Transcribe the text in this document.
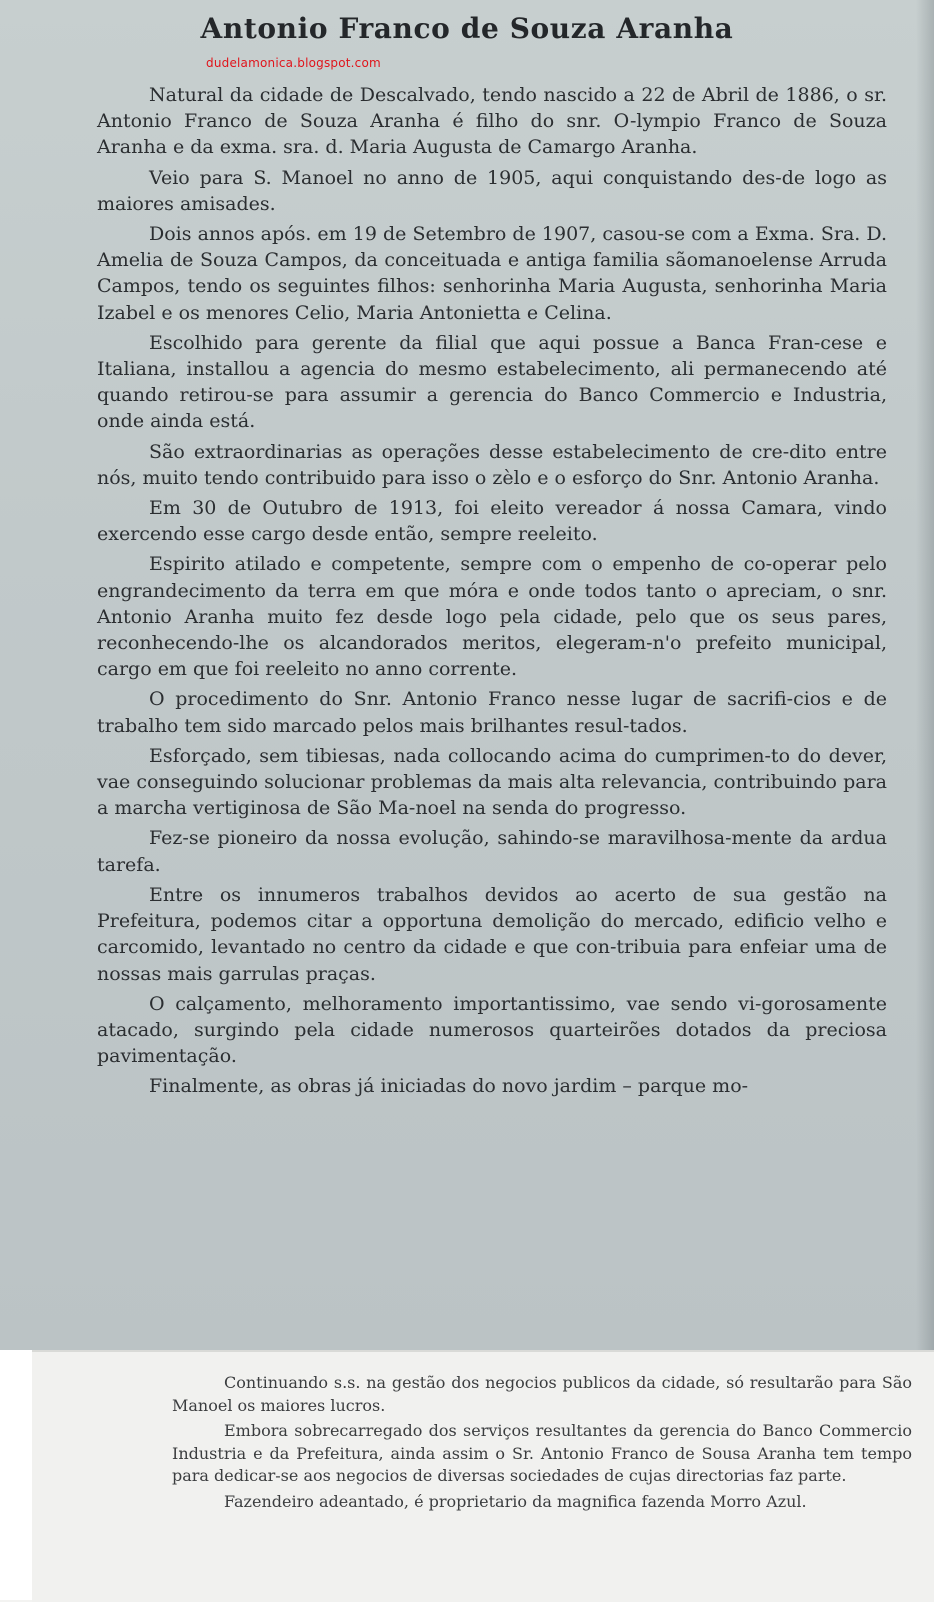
Antonio Franco de Souza Aranha
dudelamonica.blogspot.com

Natural da cidade de Descalvado, tendo nascido a 22 de Abril de 1886, o sr. Antonio Franco de Souza Aranha é filho do snr. O-lympio Franco de Souza Aranha e da exma. sra. d. Maria Augusta de Camargo Aranha.

Veio para S. Manoel no anno de 1905, aqui conquistando des-de logo as maiores amisades.

Dois annos após. em 19 de Setembro de 1907, casou-se com a Exma. Sra. D. Amelia de Souza Campos, da conceituada e antiga familia sãomanoelense Arruda Campos, tendo os seguintes filhos: senhorinha Maria Augusta, senhorinha Maria Izabel e os menores Celio, Maria Antonietta e Celina.

Escolhido para gerente da filial que aqui possue a Banca Fran-cese e Italiana, installou a agencia do mesmo estabelecimento, ali permanecendo até quando retirou-se para assumir a gerencia do Banco Commercio e Industria, onde ainda está.

São extraordinarias as operações desse estabelecimento de cre-dito entre nós, muito tendo contribuido para isso o zèlo e o esforço do Snr. Antonio Aranha.

Em 30 de Outubro de 1913, foi eleito vereador á nossa Camara, vindo exercendo esse cargo desde então, sempre reeleito.

Espirito atilado e competente, sempre com o empenho de co-operar pelo engrandecimento da terra em que móra e onde todos tanto o apreciam, o snr. Antonio Aranha muito fez desde logo pela cidade, pelo que os seus pares, reconhecendo-lhe os alcandorados meritos, elegeram-n'o prefeito municipal, cargo em que foi reeleito no anno corrente.

O procedimento do Snr. Antonio Franco nesse lugar de sacrifi-cios e de trabalho tem sido marcado pelos mais brilhantes resul-tados.

Esforçado, sem tibiesas, nada collocando acima do cumprimen-to do dever, vae conseguindo solucionar problemas da mais alta relevancia, contribuindo para a marcha vertiginosa de São Ma-noel na senda do progresso.

Fez-se pioneiro da nossa evolução, sahindo-se maravilhosa-mente da ardua tarefa.

Entre os innumeros trabalhos devidos ao acerto de sua gestão na Prefeitura, podemos citar a opportuna demolição do mercado, edificio velho e carcomido, levantado no centro da cidade e que con-tribuia para enfeiar uma de nossas mais garrulas praças.

O calçamento, melhoramento importantissimo, vae sendo vi-gorosamente atacado, surgindo pela cidade numerosos quarteirões dotados da preciosa pavimentação.

Finalmente, as obras já iniciadas do novo jardim – parque mo-

Continuando s.s. na gestão dos negocios publicos da cidade, só resultarão para São Manoel os maiores lucros.

Embora sobrecarregado dos serviços resultantes da gerencia do Banco Commercio Industria e da Prefeitura, ainda assim o Sr. Antonio Franco de Sousa Aranha tem tempo para dedicar-se aos negocios de diversas sociedades de cujas directorias faz parte.

Fazendeiro adeantado, é proprietario da magnifica fazenda Morro Azul.
